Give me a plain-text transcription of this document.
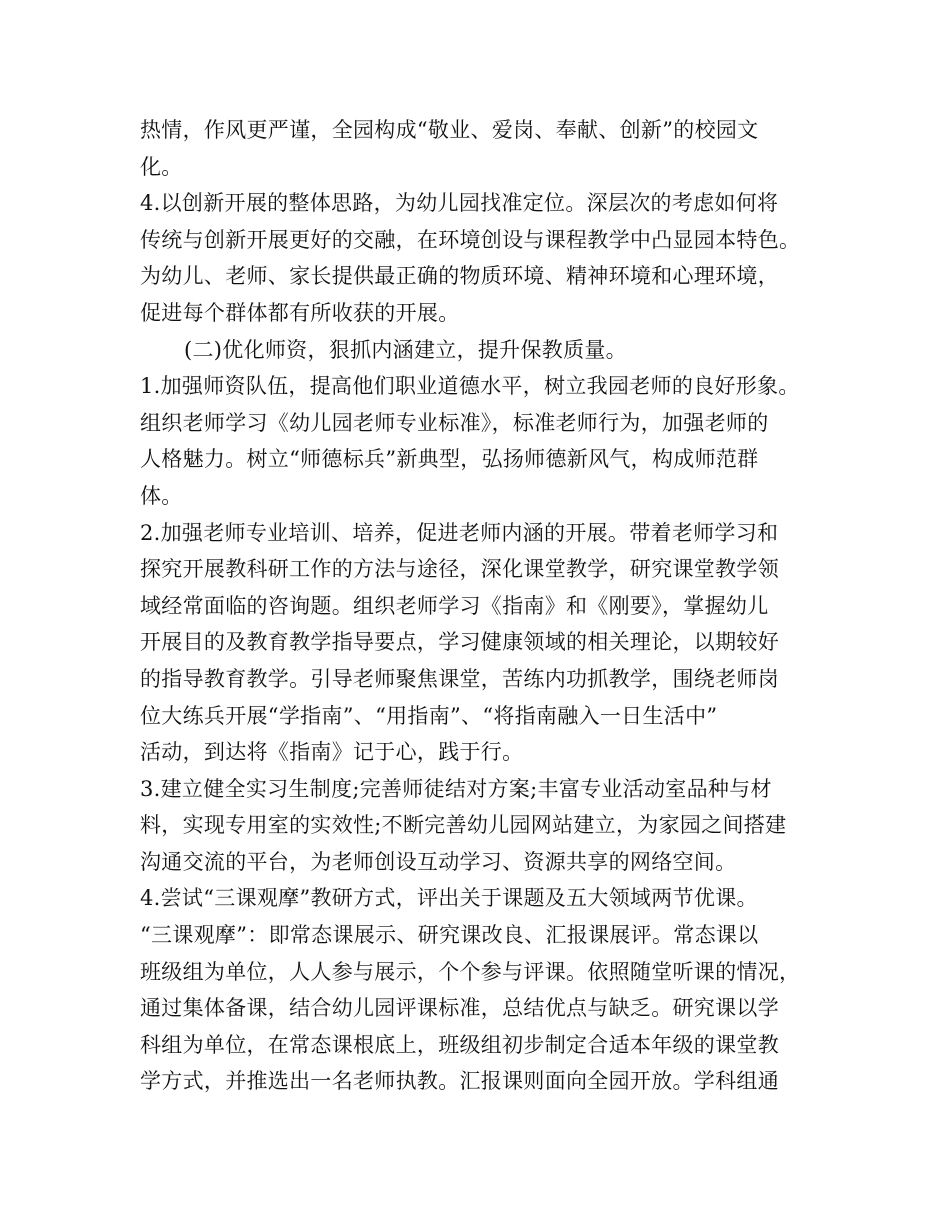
热情，作风更严谨，全园构成“敬业、爱岗、奉献、创新”的校园文
化。
4.以创新开展的整体思路，为幼儿园找准定位。深层次的考虑如何将
传统与创新开展更好的交融，在环境创设与课程教学中凸显园本特色。
为幼儿、老师、家长提供最正确的物质环境、精神环境和心理环境，
促进每个群体都有所收获的开展。
(二)优化师资，狠抓内涵建立，提升保教质量。
1.加强师资队伍，提高他们职业道德水平，树立我园老师的良好形象。
组织老师学习《幼儿园老师专业标准》，标准老师行为，加强老师的
人格魅力。树立“师德标兵”新典型，弘扬师德新风气，构成师范群
体。
2.加强老师专业培训、培养，促进老师内涵的开展。带着老师学习和
探究开展教科研工作的方法与途径，深化课堂教学，研究课堂教学领
域经常面临的咨询题。组织老师学习《指南》和《刚要》，掌握幼儿
开展目的及教育教学指导要点，学习健康领域的相关理论，以期较好
的指导教育教学。引导老师聚焦课堂，苦练内功抓教学，围绕老师岗
位大练兵开展“学指南”、“用指南”、“将指南融入一日生活中”
活动，到达将《指南》记于心，践于行。
3.建立健全实习生制度;完善师徒结对方案;丰富专业活动室品种与材
料，实现专用室的实效性;不断完善幼儿园网站建立，为家园之间搭建
沟通交流的平台，为老师创设互动学习、资源共享的网络空间。
4.尝试“三课观摩”教研方式，评出关于课题及五大领域两节优课。
“三课观摩”：即常态课展示、研究课改良、汇报课展评。常态课以
班级组为单位，人人参与展示，个个参与评课。依照随堂听课的情况，
通过集体备课，结合幼儿园评课标准，总结优点与缺乏。研究课以学
科组为单位，在常态课根底上，班级组初步制定合适本年级的课堂教
学方式，并推选出一名老师执教。汇报课则面向全园开放。学科组通
